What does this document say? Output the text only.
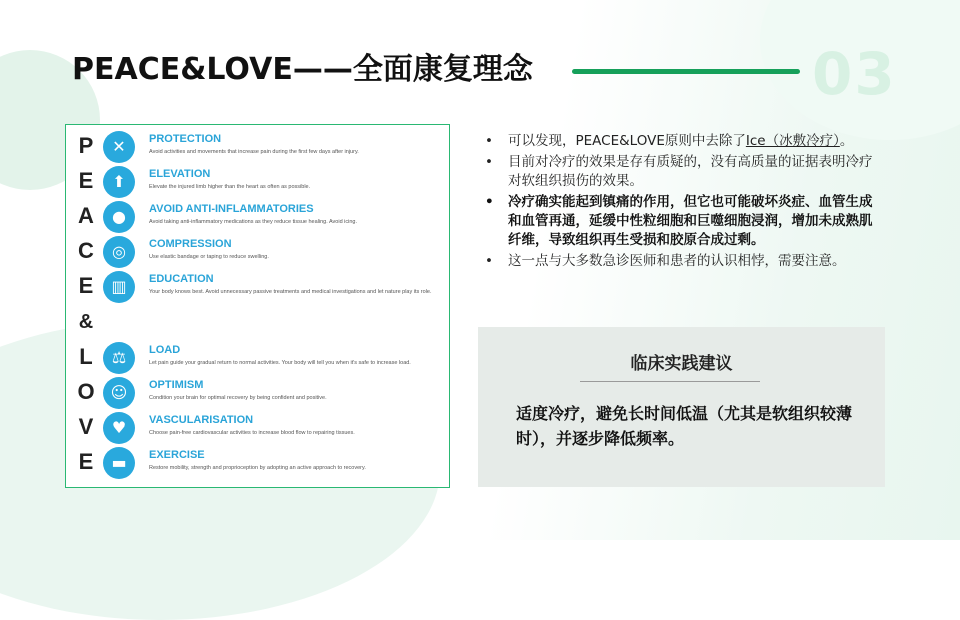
PEACE&LOVE——全面康复理念	03
P	✕	PROTECTION
Avoid activities and movements that increase pain during the first few days after injury.
E	⬆	ELEVATION
Elevate the injured limb higher than the heart as often as possible.
A	●	AVOID ANTI-INFLAMMATORIES
Avoid taking anti-inflammatory medications as they reduce tissue healing. Avoid icing.
C	◎	COMPRESSION
Use elastic bandage or taping to reduce swelling.
E	▥	EDUCATION
Your body knows best. Avoid unnecessary passive treatments and medical investigations and let nature play its role.
&
L	⚖	LOAD
Let pain guide your gradual return to normal activities. Your body will tell you when it's safe to increase load.
O	☺	OPTIMISM
Condition your brain for optimal recovery by being confident and positive.
V	♥	VASCULARISATION
Choose pain-free cardiovascular activities to increase blood flow to repairing tissues.
E	▬	EXERCISE
Restore mobility, strength and proprioception by adopting an active approach to recovery.
• 可以发现，PEACE&LOVE原则中去除了Ice（冰敷冷疗）。
• 目前对冷疗的效果是存有质疑的，没有高质量的证据表明冷疗对软组织损伤的效果。
• 冷疗确实能起到镇痛的作用，但它也可能破坏炎症、血管生成和血管再通，延缓中性粒细胞和巨噬细胞浸润，增加未成熟肌纤维，导致组织再生受损和胶原合成过剩。
• 这一点与大多数急诊医师和患者的认识相悖，需要注意。
临床实践建议
适度冷疗，避免长时间低温（尤其是软组织较薄时），并逐步降低频率。
